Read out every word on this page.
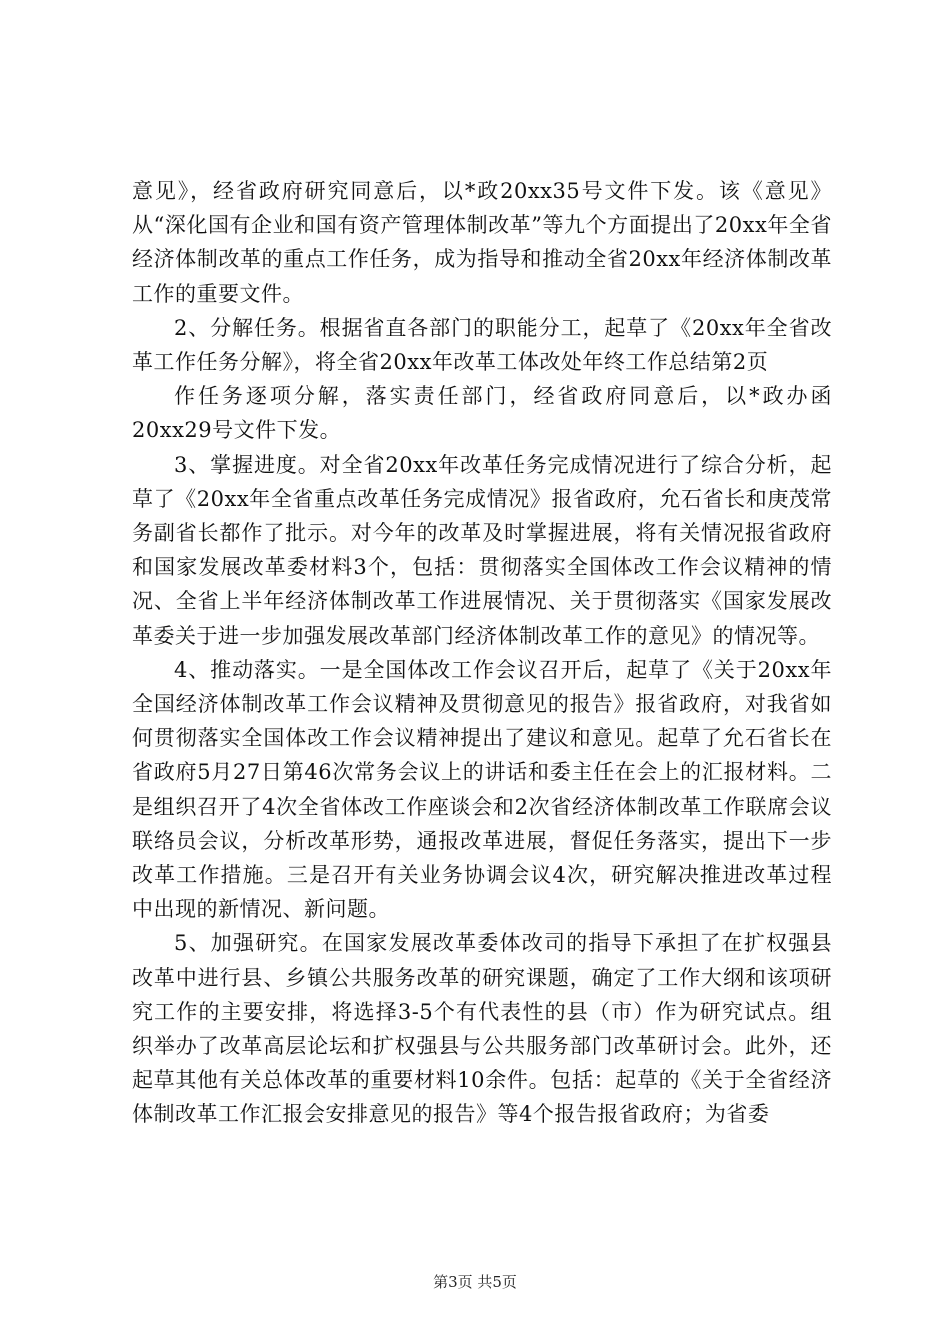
意见》，经省政府研究同意后，以*政20xx35号文件下发。该《意见》从“深化国有企业和国有资产管理体制改革”等九个方面提出了20xx年全省经济体制改革的重点工作任务，成为指导和推动全省20xx年经济体制改革工作的重要文件。

2、分解任务。根据省直各部门的职能分工，起草了《20xx年全省改革工作任务分解》，将全省20xx年改革工体改处年终工作总结第2页

作任务逐项分解，落实责任部门，经省政府同意后，以*政办函20xx29号文件下发。

3、掌握进度。对全省20xx年改革任务完成情况进行了综合分析，起草了《20xx年全省重点改革任务完成情况》报省政府，允石省长和庚茂常务副省长都作了批示。对今年的改革及时掌握进展，将有关情况报省政府和国家发展改革委材料3个，包括：贯彻落实全国体改工作会议精神的情况、全省上半年经济体制改革工作进展情况、关于贯彻落实《国家发展改革委关于进一步加强发展改革部门经济体制改革工作的意见》的情况等。

4、推动落实。一是全国体改工作会议召开后，起草了《关于20xx年全国经济体制改革工作会议精神及贯彻意见的报告》报省政府，对我省如何贯彻落实全国体改工作会议精神提出了建议和意见。起草了允石省长在省政府5月27日第46次常务会议上的讲话和委主任在会上的汇报材料。二是组织召开了4次全省体改工作座谈会和2次省经济体制改革工作联席会议联络员会议，分析改革形势，通报改革进展，督促任务落实，提出下一步改革工作措施。三是召开有关业务协调会议4次，研究解决推进改革过程中出现的新情况、新问题。

5、加强研究。在国家发展改革委体改司的指导下承担了在扩权强县改革中进行县、乡镇公共服务改革的研究课题，确定了工作大纲和该项研究工作的主要安排，将选择3-5个有代表性的县（市）作为研究试点。组织举办了改革高层论坛和扩权强县与公共服务部门改革研讨会。此外，还起草其他有关总体改革的重要材料10余件。包括：起草的《关于全省经济体制改革工作汇报会安排意见的报告》等4个报告报省政府；为省委

第3页 共5页
